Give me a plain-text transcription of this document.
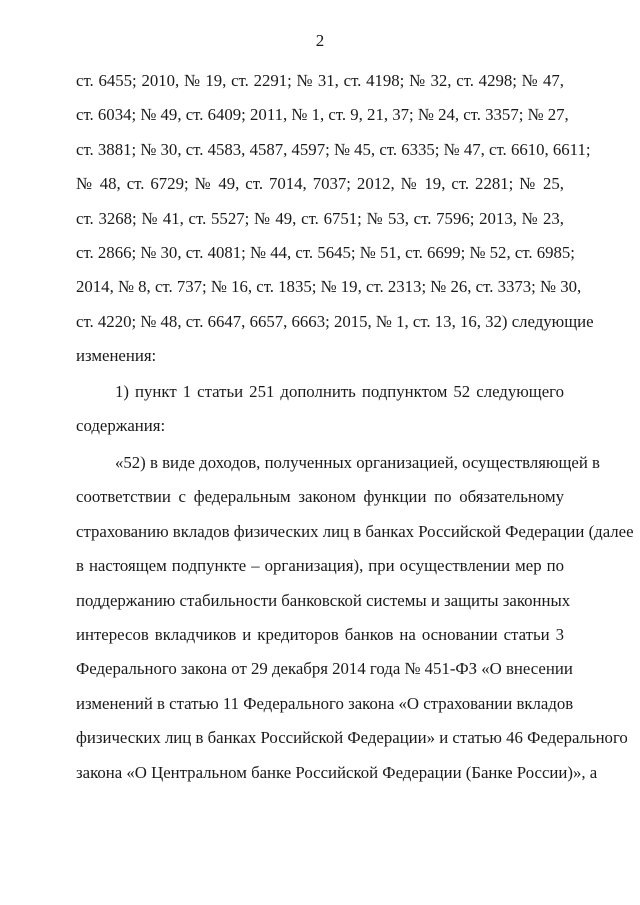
2
ст. 6455; 2010, № 19, ст. 2291; № 31, ст. 4198; № 32, ст. 4298; № 47,
ст. 6034; № 49, ст. 6409; 2011, № 1, ст. 9, 21, 37; № 24, ст. 3357; № 27,
ст. 3881; № 30, ст. 4583, 4587, 4597; № 45, ст. 6335; № 47, ст. 6610, 6611;
№ 48, ст. 6729; № 49, ст. 7014, 7037; 2012, № 19, ст. 2281; № 25,
ст. 3268; № 41, ст. 5527; № 49, ст. 6751; № 53, ст. 7596; 2013, № 23,
ст. 2866; № 30, ст. 4081; № 44, ст. 5645; № 51, ст. 6699; № 52, ст. 6985;
2014, № 8, ст. 737; № 16, ст. 1835; № 19, ст. 2313; № 26, ст. 3373; № 30,
ст. 4220; № 48, ст. 6647, 6657, 6663; 2015, № 1, ст. 13, 16, 32) следующие
изменения:
1) пункт 1 статьи 251 дополнить подпунктом 52 следующего
содержания:
«52) в виде доходов, полученных организацией, осуществляющей в
соответствии с федеральным законом функции по обязательному
страхованию вкладов физических лиц в банках Российской Федерации (далее
в настоящем подпункте – организация), при осуществлении мер по
поддержанию стабильности банковской системы и защиты законных
интересов вкладчиков и кредиторов банков на основании статьи 3
Федерального закона от 29 декабря 2014 года № 451-ФЗ «О внесении
изменений в статью 11 Федерального закона «О страховании вкладов
физических лиц в банках Российской Федерации» и статью 46 Федерального
закона «О Центральном банке Российской Федерации (Банке России)», а
